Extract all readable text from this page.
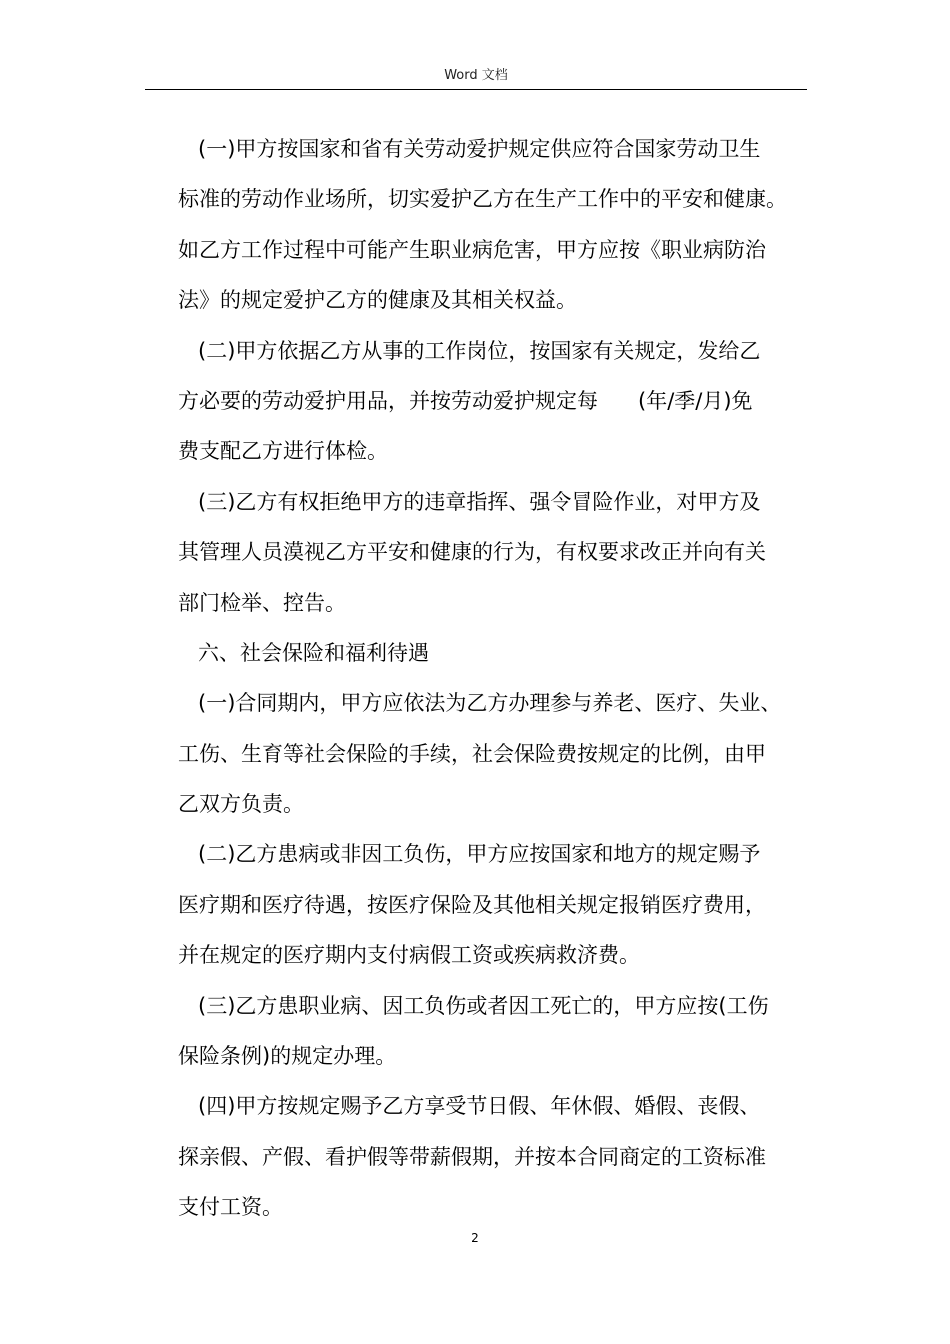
Word 文档
(一)甲方按国家和省有关劳动爱护规定供应符合国家劳动卫生
标准的劳动作业场所，切实爱护乙方在生产工作中的平安和健康。
如乙方工作过程中可能产生职业病危害，甲方应按《职业病防治
法》的规定爱护乙方的健康及其相关权益。
(二)甲方依据乙方从事的工作岗位，按国家有关规定，发给乙
方必要的劳动爱护用品，并按劳动爱护规定每 (年/季/月)免
费支配乙方进行体检。
(三)乙方有权拒绝甲方的违章指挥、强令冒险作业，对甲方及
其管理人员漠视乙方平安和健康的行为，有权要求改正并向有关
部门检举、控告。
六、社会保险和福利待遇
(一)合同期内，甲方应依法为乙方办理参与养老、医疗、失业、
工伤、生育等社会保险的手续，社会保险费按规定的比例，由甲
乙双方负责。
(二)乙方患病或非因工负伤，甲方应按国家和地方的规定赐予
医疗期和医疗待遇，按医疗保险及其他相关规定报销医疗费用，
并在规定的医疗期内支付病假工资或疾病救济费。
(三)乙方患职业病、因工负伤或者因工死亡的，甲方应按(工伤
保险条例)的规定办理。
(四)甲方按规定赐予乙方享受节日假、年休假、婚假、丧假、
探亲假、产假、看护假等带薪假期，并按本合同商定的工资标准
支付工资。
2
